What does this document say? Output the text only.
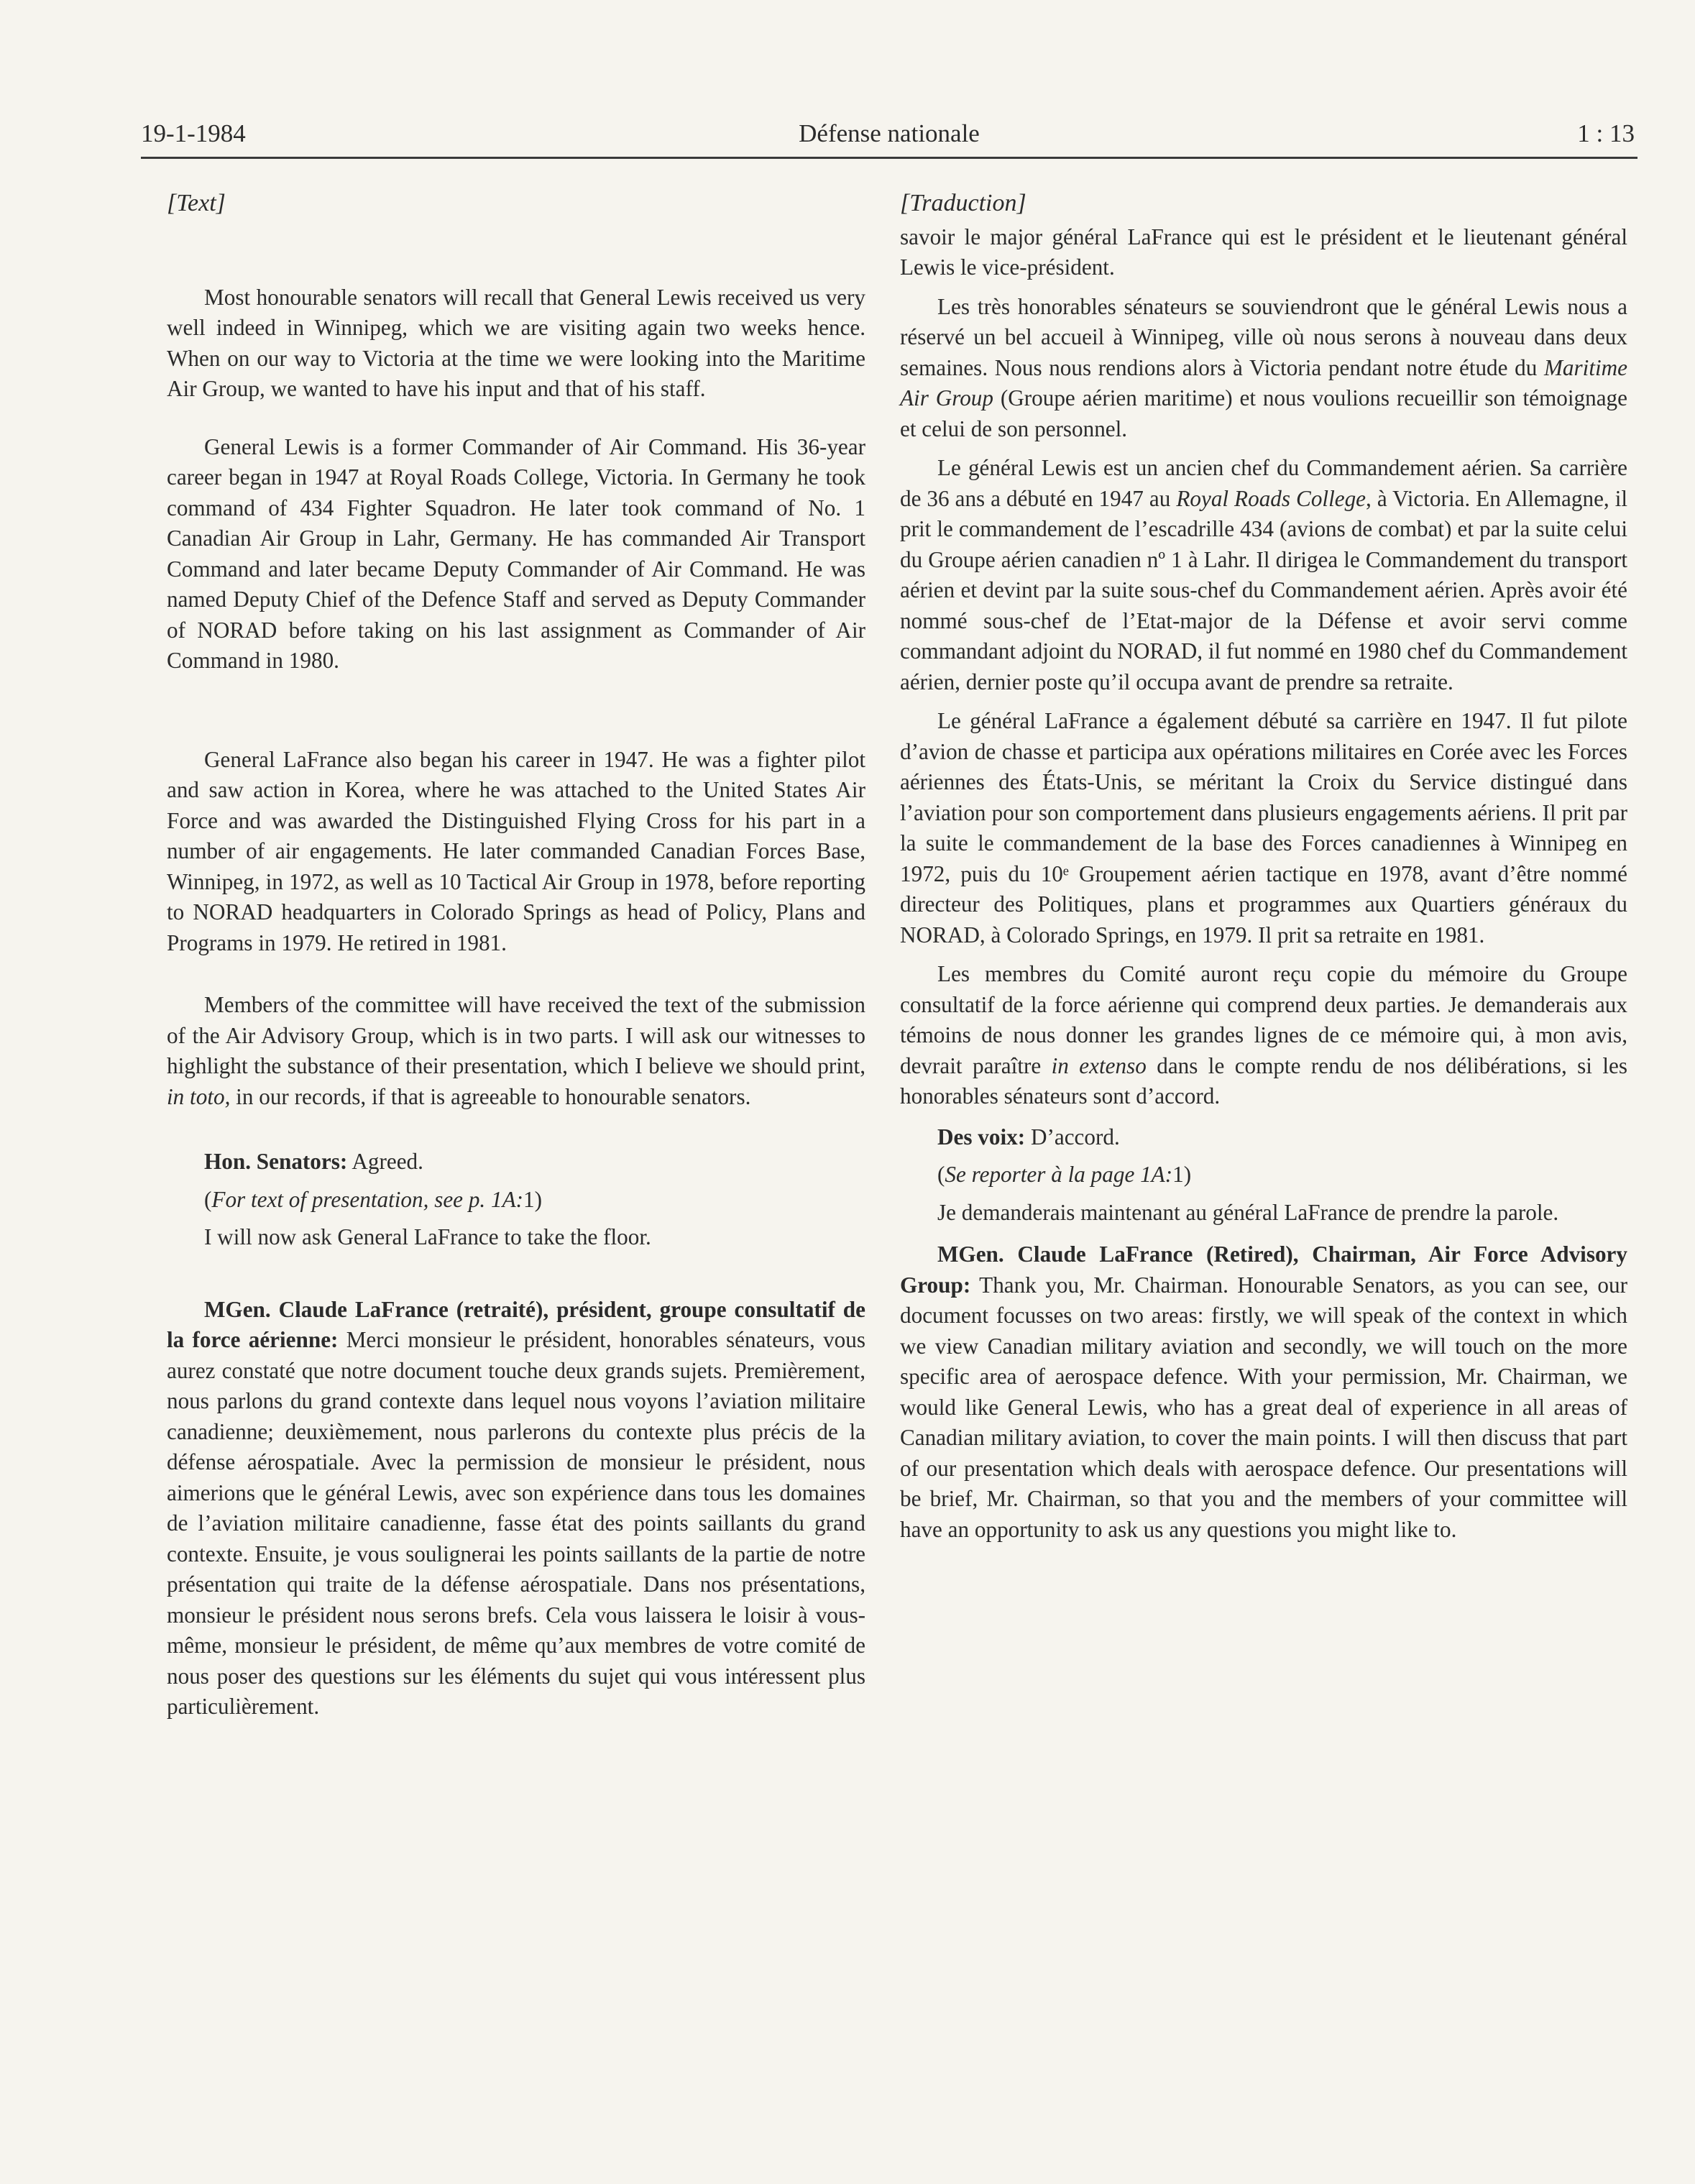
19-1-1984	Défense nationale	1 : 13

[Text]

Most honourable senators will recall that General Lewis received us very well indeed in Winnipeg, which we are visiting again two weeks hence. When on our way to Victoria at the time we were looking into the Maritime Air Group, we wanted to have his input and that of his staff.

General Lewis is a former Commander of Air Command. His 36-year career began in 1947 at Royal Roads College, Victoria. In Germany he took command of 434 Fighter Squadron. He later took command of No. 1 Canadian Air Group in Lahr, Germany. He has commanded Air Transport Command and later became Deputy Commander of Air Command. He was named Deputy Chief of the Defence Staff and served as Deputy Commander of NORAD before taking on his last assignment as Commander of Air Command in 1980.

General LaFrance also began his career in 1947. He was a fighter pilot and saw action in Korea, where he was attached to the United States Air Force and was awarded the Distinguished Flying Cross for his part in a number of air engagements. He later commanded Canadian Forces Base, Winnipeg, in 1972, as well as 10 Tactical Air Group in 1978, before reporting to NORAD headquarters in Colorado Springs as head of Policy, Plans and Programs in 1979. He retired in 1981.

Members of the committee will have received the text of the submission of the Air Advisory Group, which is in two parts. I will ask our witnesses to highlight the substance of their presentation, which I believe we should print, in toto, in our records, if that is agreeable to honourable senators.

Hon. Senators: Agreed.

(For text of presentation, see p. 1A:1)

I will now ask General LaFrance to take the floor.

MGen. Claude LaFrance (retraité), président, groupe consultatif de la force aérienne: Merci monsieur le président, honorables sénateurs, vous aurez constaté que notre document touche deux grands sujets. Premièrement, nous parlons du grand contexte dans lequel nous voyons l’aviation militaire canadienne; deuxièmement, nous parlerons du contexte plus précis de la défense aérospatiale. Avec la permission de monsieur le président, nous aimerions que le général Lewis, avec son expérience dans tous les domaines de l’aviation militaire canadienne, fasse état des points saillants du grand contexte. Ensuite, je vous soulignerai les points saillants de la partie de notre présentation qui traite de la défense aérospatiale. Dans nos présentations, monsieur le président nous serons brefs. Cela vous laissera le loisir à vous-même, monsieur le président, de même qu’aux membres de votre comité de nous poser des questions sur les éléments du sujet qui vous intéressent plus particulièrement.

[Traduction]

savoir le major général LaFrance qui est le président et le lieutenant général Lewis le vice-président.

Les très honorables sénateurs se souviendront que le général Lewis nous a réservé un bel accueil à Winnipeg, ville où nous serons à nouveau dans deux semaines. Nous nous rendions alors à Victoria pendant notre étude du Maritime Air Group (Groupe aérien maritime) et nous voulions recueillir son témoignage et celui de son personnel.

Le général Lewis est un ancien chef du Commandement aérien. Sa carrière de 36 ans a débuté en 1947 au Royal Roads College, à Victoria. En Allemagne, il prit le commandement de l’escadrille 434 (avions de combat) et par la suite celui du Groupe aérien canadien nº 1 à Lahr. Il dirigea le Commandement du transport aérien et devint par la suite sous-chef du Commandement aérien. Après avoir été nommé sous-chef de l’Etat-major de la Défense et avoir servi comme commandant adjoint du NORAD, il fut nommé en 1980 chef du Commandement aérien, dernier poste qu’il occupa avant de prendre sa retraite.

Le général LaFrance a également débuté sa carrière en 1947. Il fut pilote d’avion de chasse et participa aux opérations militaires en Corée avec les Forces aériennes des États-Unis, se méritant la Croix du Service distingué dans l’aviation pour son comportement dans plusieurs engagements aériens. Il prit par la suite le commandement de la base des Forces canadiennes à Winnipeg en 1972, puis du 10ᵉ Groupement aérien tactique en 1978, avant d’être nommé directeur des Politiques, plans et programmes aux Quartiers généraux du NORAD, à Colorado Springs, en 1979. Il prit sa retraite en 1981.

Les membres du Comité auront reçu copie du mémoire du Groupe consultatif de la force aérienne qui comprend deux parties. Je demanderais aux témoins de nous donner les grandes lignes de ce mémoire qui, à mon avis, devrait paraître in extenso dans le compte rendu de nos délibérations, si les honorables sénateurs sont d’accord.

Des voix: D’accord.

(Se reporter à la page 1A:1)

Je demanderais maintenant au général LaFrance de prendre la parole.

MGen. Claude LaFrance (Retired), Chairman, Air Force Advisory Group: Thank you, Mr. Chairman. Honourable Senators, as you can see, our document focusses on two areas: firstly, we will speak of the context in which we view Canadian military aviation and secondly, we will touch on the more specific area of aerospace defence. With your permission, Mr. Chairman, we would like General Lewis, who has a great deal of experience in all areas of Canadian military aviation, to cover the main points. I will then discuss that part of our presentation which deals with aerospace defence. Our presentations will be brief, Mr. Chairman, so that you and the members of your committee will have an opportunity to ask us any questions you might like to.
